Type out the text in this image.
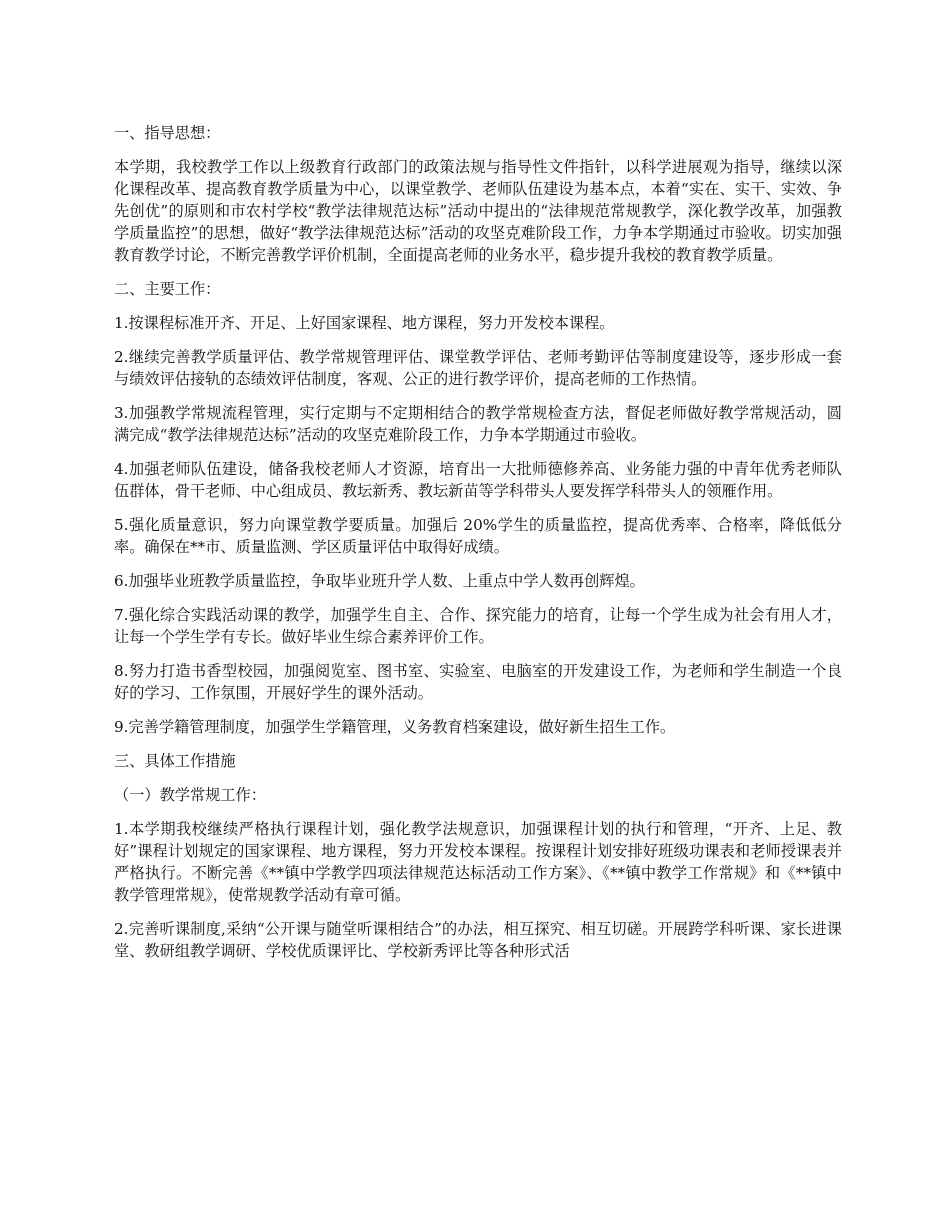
一、指导思想：
本学期，我校教学工作以上级教育行政部门的政策法规与指导性文件指针，以科学进展观为指导，继续以深化课程改革、提高教育教学质量为中心，以课堂教学、老师队伍建设为基本点，本着“实在、实干、实效、争先创优”的原则和市农村学校“教学法律规范达标”活动中提出的“法律规范常规教学，深化教学改革，加强教学质量监控”的思想，做好“教学法律规范达标”活动的攻坚克难阶段工作，力争本学期通过市验收。切实加强教育教学讨论，不断完善教学评价机制，全面提高老师的业务水平，稳步提升我校的教育教学质量。
二、主要工作：
1.按课程标准开齐、开足、上好国家课程、地方课程，努力开发校本课程。
2.继续完善教学质量评估、教学常规管理评估、课堂教学评估、老师考勤评估等制度建设等，逐步形成一套与绩效评估接轨的态绩效评估制度，客观、公正的进行教学评价，提高老师的工作热情。
3.加强教学常规流程管理，实行定期与不定期相结合的教学常规检查方法，督促老师做好教学常规活动，圆满完成“教学法律规范达标”活动的攻坚克难阶段工作，力争本学期通过市验收。
4.加强老师队伍建设，储备我校老师人才资源，培育出一大批师德修养高、业务能力强的中青年优秀老师队伍群体，骨干老师、中心组成员、教坛新秀、教坛新苗等学科带头人要发挥学科带头人的领雁作用。
5.强化质量意识，努力向课堂教学要质量。加强后 20%学生的质量监控，提高优秀率、合格率，降低低分率。确保在**市、质量监测、学区质量评估中取得好成绩。
6.加强毕业班教学质量监控，争取毕业班升学人数、上重点中学人数再创辉煌。
7.强化综合实践活动课的教学，加强学生自主、合作、探究能力的培育，让每一个学生成为社会有用人才，让每一个学生学有专长。做好毕业生综合素养评价工作。
8.努力打造书香型校园，加强阅览室、图书室、实验室、电脑室的开发建设工作，为老师和学生制造一个良好的学习、工作氛围，开展好学生的课外活动。
9.完善学籍管理制度，加强学生学籍管理，义务教育档案建设，做好新生招生工作。
三、具体工作措施
（一）教学常规工作：
1.本学期我校继续严格执行课程计划，强化教学法规意识，加强课程计划的执行和管理，“开齐、上足、教好”课程计划规定的国家课程、地方课程，努力开发校本课程。按课程计划安排好班级功课表和老师授课表并严格执行。不断完善《**镇中学教学四项法律规范达标活动工作方案》、《**镇中教学工作常规》和《**镇中教学管理常规》，使常规教学活动有章可循。
2.完善听课制度,采纳“公开课与随堂听课相结合”的办法，相互探究、相互切磋。开展跨学科听课、家长进课堂、教研组教学调研、学校优质课评比、学校新秀评比等各种形式活
